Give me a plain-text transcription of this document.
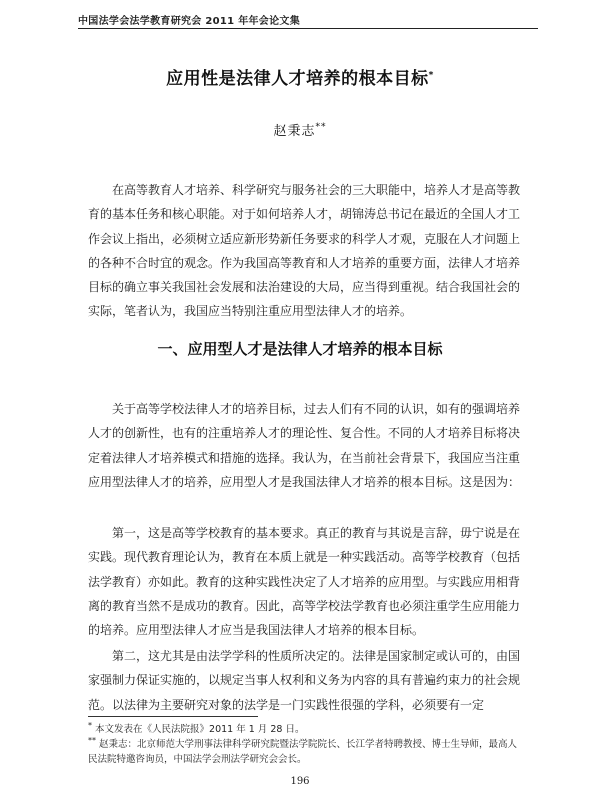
中国法学会法学教育研究会 2011 年年会论文集
应用性是法律人才培养的根本目标*
赵秉志**

在高等教育人才培养、科学研究与服务社会的三大职能中，培养人才是高等教育的基本任务和核心职能。对于如何培养人才，胡锦涛总书记在最近的全国人才工作会议上指出，必须树立适应新形势新任务要求的科学人才观，克服在人才问题上的各种不合时宜的观念。作为我国高等教育和人才培养的重要方面，法律人才培养目标的确立事关我国社会发展和法治建设的大局，应当得到重视。结合我国社会的实际，笔者认为，我国应当特别注重应用型法律人才的培养。

一、应用型人才是法律人才培养的根本目标

关于高等学校法律人才的培养目标，过去人们有不同的认识，如有的强调培养人才的创新性，也有的注重培养人才的理论性、复合性。不同的人才培养目标将决定着法律人才培养模式和措施的选择。我认为，在当前社会背景下，我国应当注重应用型法律人才的培养，应用型人才是我国法律人才培养的根本目标。这是因为：

第一，这是高等学校教育的基本要求。真正的教育与其说是言辞，毋宁说是在实践。现代教育理论认为，教育在本质上就是一种实践活动。高等学校教育（包括法学教育）亦如此。教育的这种实践性决定了人才培养的应用型。与实践应用相背离的教育当然不是成功的教育。因此，高等学校法学教育也必须注重学生应用能力的培养。应用型法律人才应当是我国法律人才培养的根本目标。

第二，这尤其是由法学学科的性质所决定的。法律是国家制定或认可的，由国家强制力保证实施的，以规定当事人权利和义务为内容的具有普遍约束力的社会规范。以法律为主要研究对象的法学是一门实践性很强的学科，必须要有一定

* 本文发表在《人民法院报》2011 年 1 月 28 日。

** 赵秉志：北京师范大学刑事法律科学研究院暨法学院院长、长江学者特聘教授、博士生导师，最高人民法院特邀咨询员，中国法学会刑法学研究会会长。

196
